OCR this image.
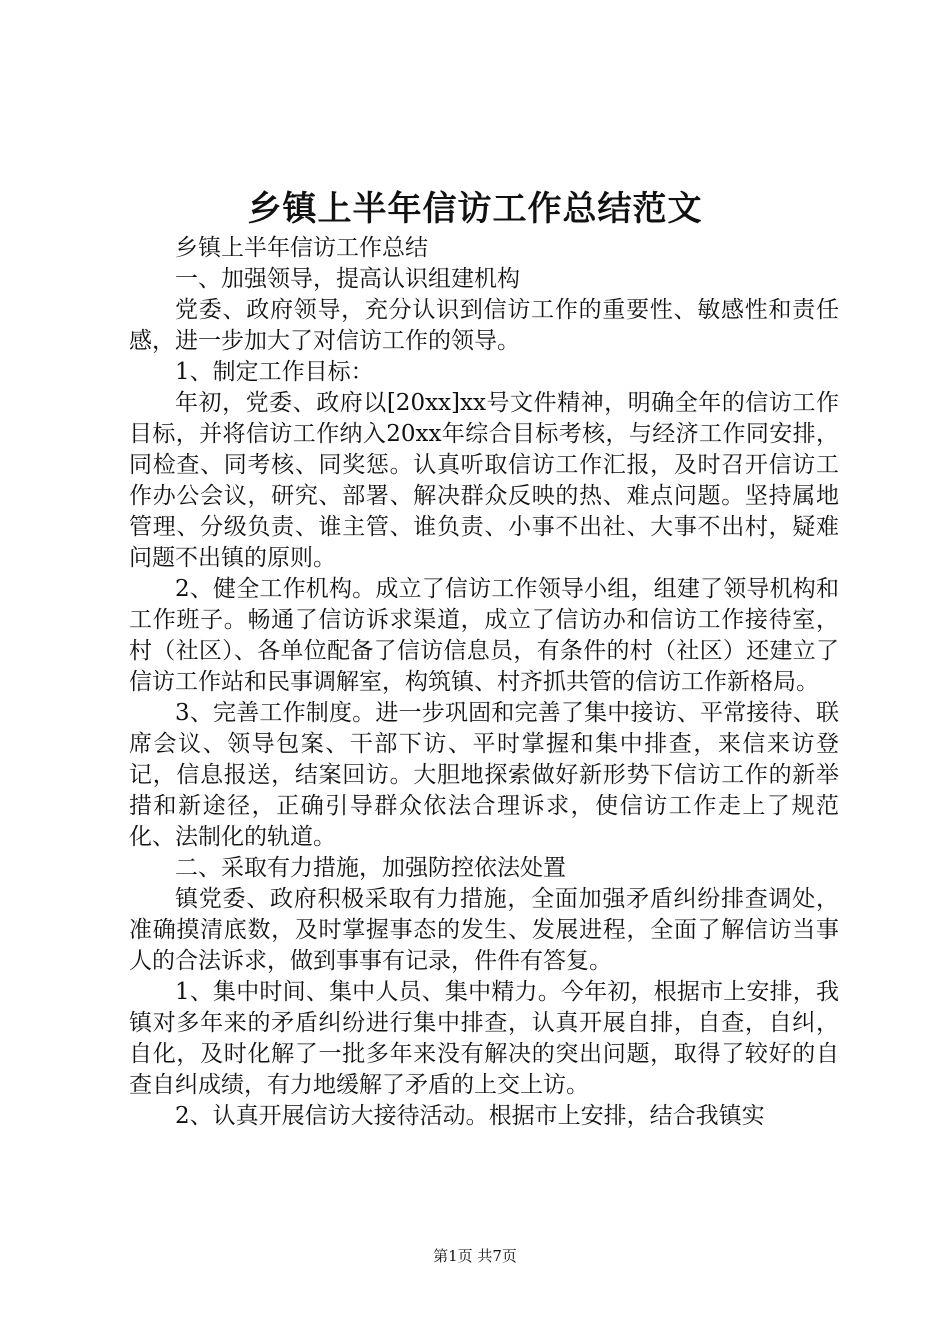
乡镇上半年信访工作总结范文

乡镇上半年信访工作总结

一、加强领导，提高认识组建机构

党委、政府领导，充分认识到信访工作的重要性、敏感性和责任感，进一步加大了对信访工作的领导。

1、制定工作目标：

年初，党委、政府以[20xx]xx号文件精神，明确全年的信访工作目标，并将信访工作纳入20xx年综合目标考核，与经济工作同安排，同检查、同考核、同奖惩。认真听取信访工作汇报，及时召开信访工作办公会议，研究、部署、解决群众反映的热、难点问题。坚持属地管理、分级负责、谁主管、谁负责、小事不出社、大事不出村，疑难问题不出镇的原则。

2、健全工作机构。成立了信访工作领导小组，组建了领导机构和工作班子。畅通了信访诉求渠道，成立了信访办和信访工作接待室，村（社区）、各单位配备了信访信息员，有条件的村（社区）还建立了信访工作站和民事调解室，构筑镇、村齐抓共管的信访工作新格局。

3、完善工作制度。进一步巩固和完善了集中接访、平常接待、联席会议、领导包案、干部下访、平时掌握和集中排查，来信来访登记，信息报送，结案回访。大胆地探索做好新形势下信访工作的新举措和新途径，正确引导群众依法合理诉求，使信访工作走上了规范化、法制化的轨道。

二、采取有力措施，加强防控依法处置

镇党委、政府积极采取有力措施，全面加强矛盾纠纷排查调处，准确摸清底数，及时掌握事态的发生、发展进程，全面了解信访当事人的合法诉求，做到事事有记录，件件有答复。

1、集中时间、集中人员、集中精力。今年初，根据市上安排，我镇对多年来的矛盾纠纷进行集中排查，认真开展自排，自查，自纠，自化，及时化解了一批多年来没有解决的突出问题，取得了较好的自查自纠成绩，有力地缓解了矛盾的上交上访。

2、认真开展信访大接待活动。根据市上安排，结合我镇实

第1页 共7页
